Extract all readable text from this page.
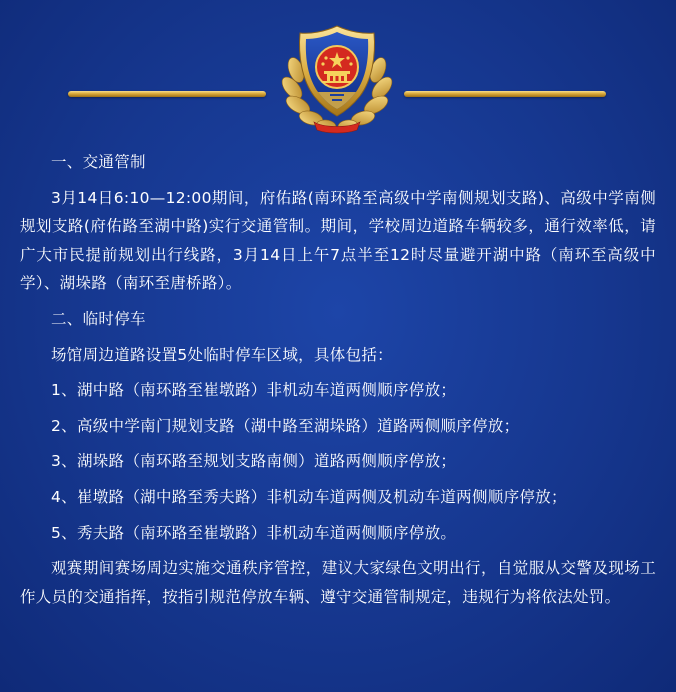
一、交通管制

3月14日6:10—12:00期间，府佑路(南环路至高级中学南侧规划支路)、高级中学南侧规划支路(府佑路至湖中路)实行交通管制。期间，学校周边道路车辆较多，通行效率低，请广大市民提前规划出行线路，3月14日上午7点半至12时尽量避开湖中路（南环至高级中学）、湖垛路（南环至唐桥路）。

二、临时停车

场馆周边道路设置5处临时停车区域，具体包括：

1、湖中路（南环路至崔墩路）非机动车道两侧顺序停放；

2、高级中学南门规划支路（湖中路至湖垛路）道路两侧顺序停放；

3、湖垛路（南环路至规划支路南侧）道路两侧顺序停放；

4、崔墩路（湖中路至秀夫路）非机动车道两侧及机动车道两侧顺序停放；

5、秀夫路（南环路至崔墩路）非机动车道两侧顺序停放。

观赛期间赛场周边实施交通秩序管控，建议大家绿色文明出行，自觉服从交警及现场工作人员的交通指挥，按指引规范停放车辆、遵守交通管制规定，违规行为将依法处罚。
